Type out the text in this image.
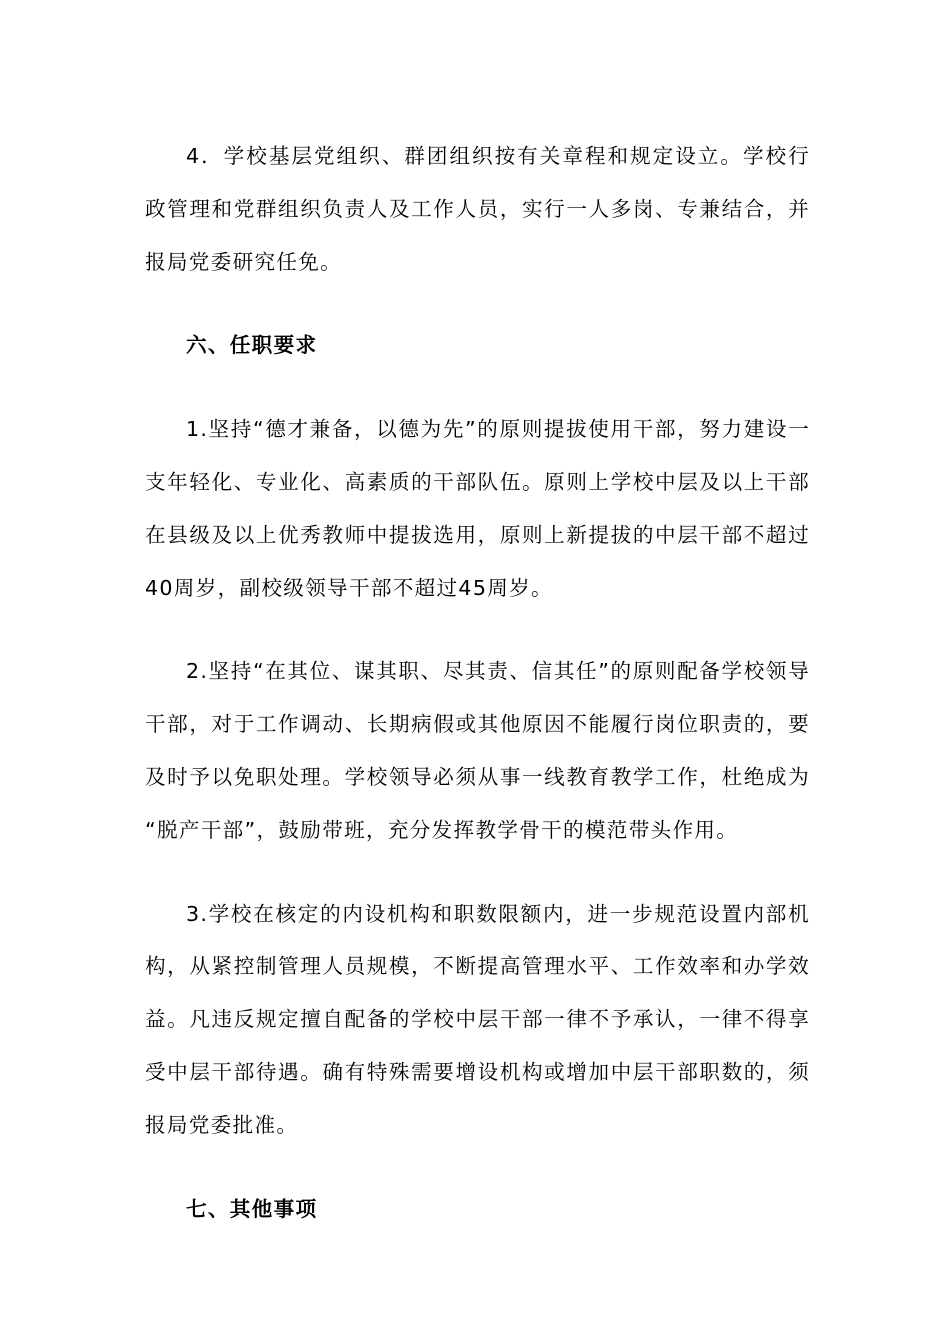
4．学校基层党组织、群团组织按有关章程和规定设立。学校行政管理和党群组织负责人及工作人员，实行一人多岗、专兼结合，并报局党委研究任免。

六、任职要求

1.坚持“德才兼备，以德为先”的原则提拔使用干部，努力建设一支年轻化、专业化、高素质的干部队伍。原则上学校中层及以上干部在县级及以上优秀教师中提拔选用，原则上新提拔的中层干部不超过40周岁，副校级领导干部不超过45周岁。

2.坚持“在其位、谋其职、尽其责、信其任”的原则配备学校领导干部，对于工作调动、长期病假或其他原因不能履行岗位职责的，要及时予以免职处理。学校领导必须从事一线教育教学工作，杜绝成为“脱产干部”，鼓励带班，充分发挥教学骨干的模范带头作用。

3.学校在核定的内设机构和职数限额内，进一步规范设置内部机构，从紧控制管理人员规模，不断提高管理水平、工作效率和办学效益。凡违反规定擅自配备的学校中层干部一律不予承认，一律不得享受中层干部待遇。确有特殊需要增设机构或增加中层干部职数的，须报局党委批准。

七、其他事项
